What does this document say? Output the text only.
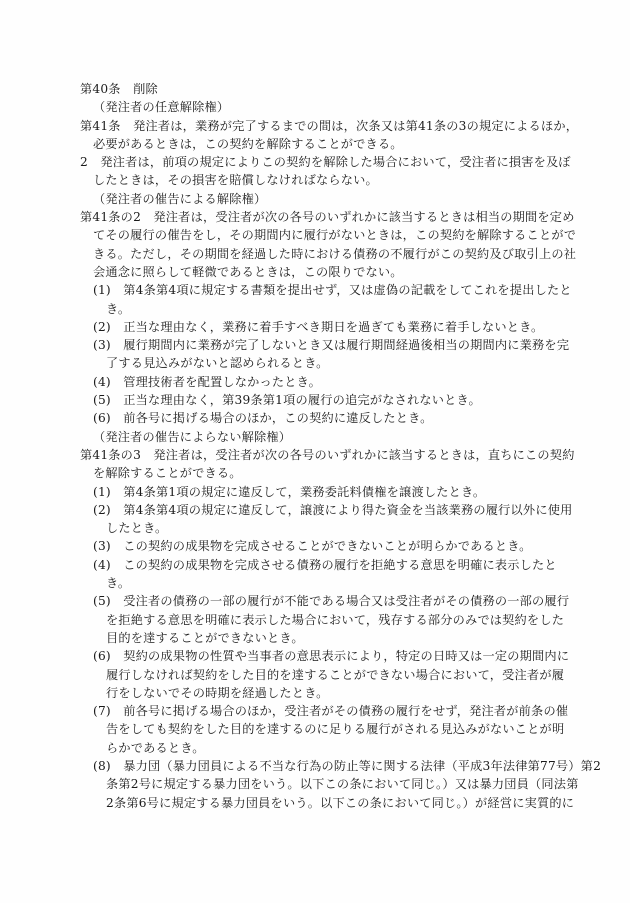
第40条　削除
（発注者の任意解除権）
第41条　発注者は，業務が完了するまでの間は，次条又は第41条の3の規定によるほか，
必要があるときは，この契約を解除することができる。
2　発注者は，前項の規定によりこの契約を解除した場合において，受注者に損害を及ぼ
したときは，その損害を賠償しなければならない。
（発注者の催告による解除権）
第41条の2　発注者は，受注者が次の各号のいずれかに該当するときは相当の期間を定め
てその履行の催告をし，その期間内に履行がないときは，この契約を解除することがで
きる。ただし，その期間を経過した時における債務の不履行がこの契約及び取引上の社
会通念に照らして軽微であるときは，この限りでない。
(1)　第4条第4項に規定する書類を提出せず，又は虚偽の記載をしてこれを提出したと
き。
(2)　正当な理由なく，業務に着手すべき期日を過ぎても業務に着手しないとき。
(3)　履行期間内に業務が完了しないとき又は履行期間経過後相当の期間内に業務を完
了する見込みがないと認められるとき。
(4)　管理技術者を配置しなかったとき。
(5)　正当な理由なく，第39条第1項の履行の追完がなされないとき。
(6)　前各号に掲げる場合のほか，この契約に違反したとき。
（発注者の催告によらない解除権）
第41条の3　発注者は，受注者が次の各号のいずれかに該当するときは，直ちにこの契約
を解除することができる。
(1)　第4条第1項の規定に違反して，業務委託料債権を譲渡したとき。
(2)　第4条第4項の規定に違反して，譲渡により得た資金を当該業務の履行以外に使用
したとき。
(3)　この契約の成果物を完成させることができないことが明らかであるとき。
(4)　この契約の成果物を完成させる債務の履行を拒絶する意思を明確に表示したと
き。
(5)　受注者の債務の一部の履行が不能である場合又は受注者がその債務の一部の履行
を拒絶する意思を明確に表示した場合において，残存する部分のみでは契約をした
目的を達することができないとき。
(6)　契約の成果物の性質や当事者の意思表示により，特定の日時又は一定の期間内に
履行しなければ契約をした目的を達することができない場合において，受注者が履
行をしないでその時期を経過したとき。
(7)　前各号に掲げる場合のほか，受注者がその債務の履行をせず，発注者が前条の催
告をしても契約をした目的を達するのに足りる履行がされる見込みがないことが明
らかであるとき。
(8)　暴力団（暴力団員による不当な行為の防止等に関する法律（平成3年法律第77号）第2
条第2号に規定する暴力団をいう。以下この条において同じ。）又は暴力団員（同法第
2条第6号に規定する暴力団員をいう。以下この条において同じ。）が経営に実質的に
